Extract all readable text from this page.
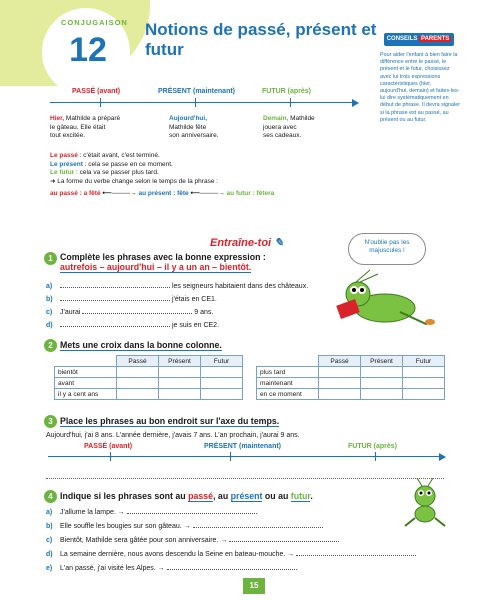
CONJUGAISON
12
Notions de passé, présent et futur
CONSEILS PARENTS
Pour aider l'enfant à bien faire la différence entre le passé, le présent et le futur, choisissez avec lui trois expressions caractéristiques (hier, aujourd'hui, demain) et faites-les-lui dire systématiquement en début de phrase. Il devra signaler si la phrase est au passé, au présent ou au futur.
PASSÉ (avant)	PRÉSENT (maintenant)	FUTUR (après)
Hier, Mathilde a préparé
le gâteau. Elle était
tout excitée.
Aujourd'hui,
Mathilde fête
son anniversaire.
Demain, Mathilde
jouera avec
ses cadeaux.
Le passé : c'était avant, c'est terminé.
Le présent : cela se passe en ce moment.
Le futur : cela va se passer plus tard.
➜ La forme du verbe change selon le temps de la phrase :
au passé : a fêté ⟵────→ au présent : fête ⟵────→ au futur : fêtera
Entraîne-toi ✎	N'oublie pas les majuscules !
1 Complète les phrases avec la bonne expression :
autrefois – aujourd'hui – il y a un an – bientôt.
a)	les seigneurs habitaient dans des châteaux.
b)	j'étais en CE1.
c) J'aurai	9 ans.
d)	je suis en CE2.
2 Mets une croix dans la bonne colonne.
	Passé	Présent	Futur
bientôt			
avant			
il y a cent ans			
	Passé	Présent	Futur
plus tard			
maintenant			
en ce moment			
3 Place les phrases au bon endroit sur l'axe du temps.
Aujourd'hui, j'ai 8 ans. L'année dernière, j'avais 7 ans. L'an prochain, j'aurai 9 ans.
PASSÉ (avant)	PRÉSENT (maintenant)	FUTUR (après)
4 Indique si les phrases sont au passé, au présent ou au futur.
a) J'allume la lampe. →
b) Elle souffle les bougies sur son gâteau. →
c) Bientôt, Mathilde sera gâtée pour son anniversaire. →
d) La semaine dernière, nous avons descendu la Seine en bateau-mouche. →
e) L'an passé, j'ai visité les Alpes. →
15
